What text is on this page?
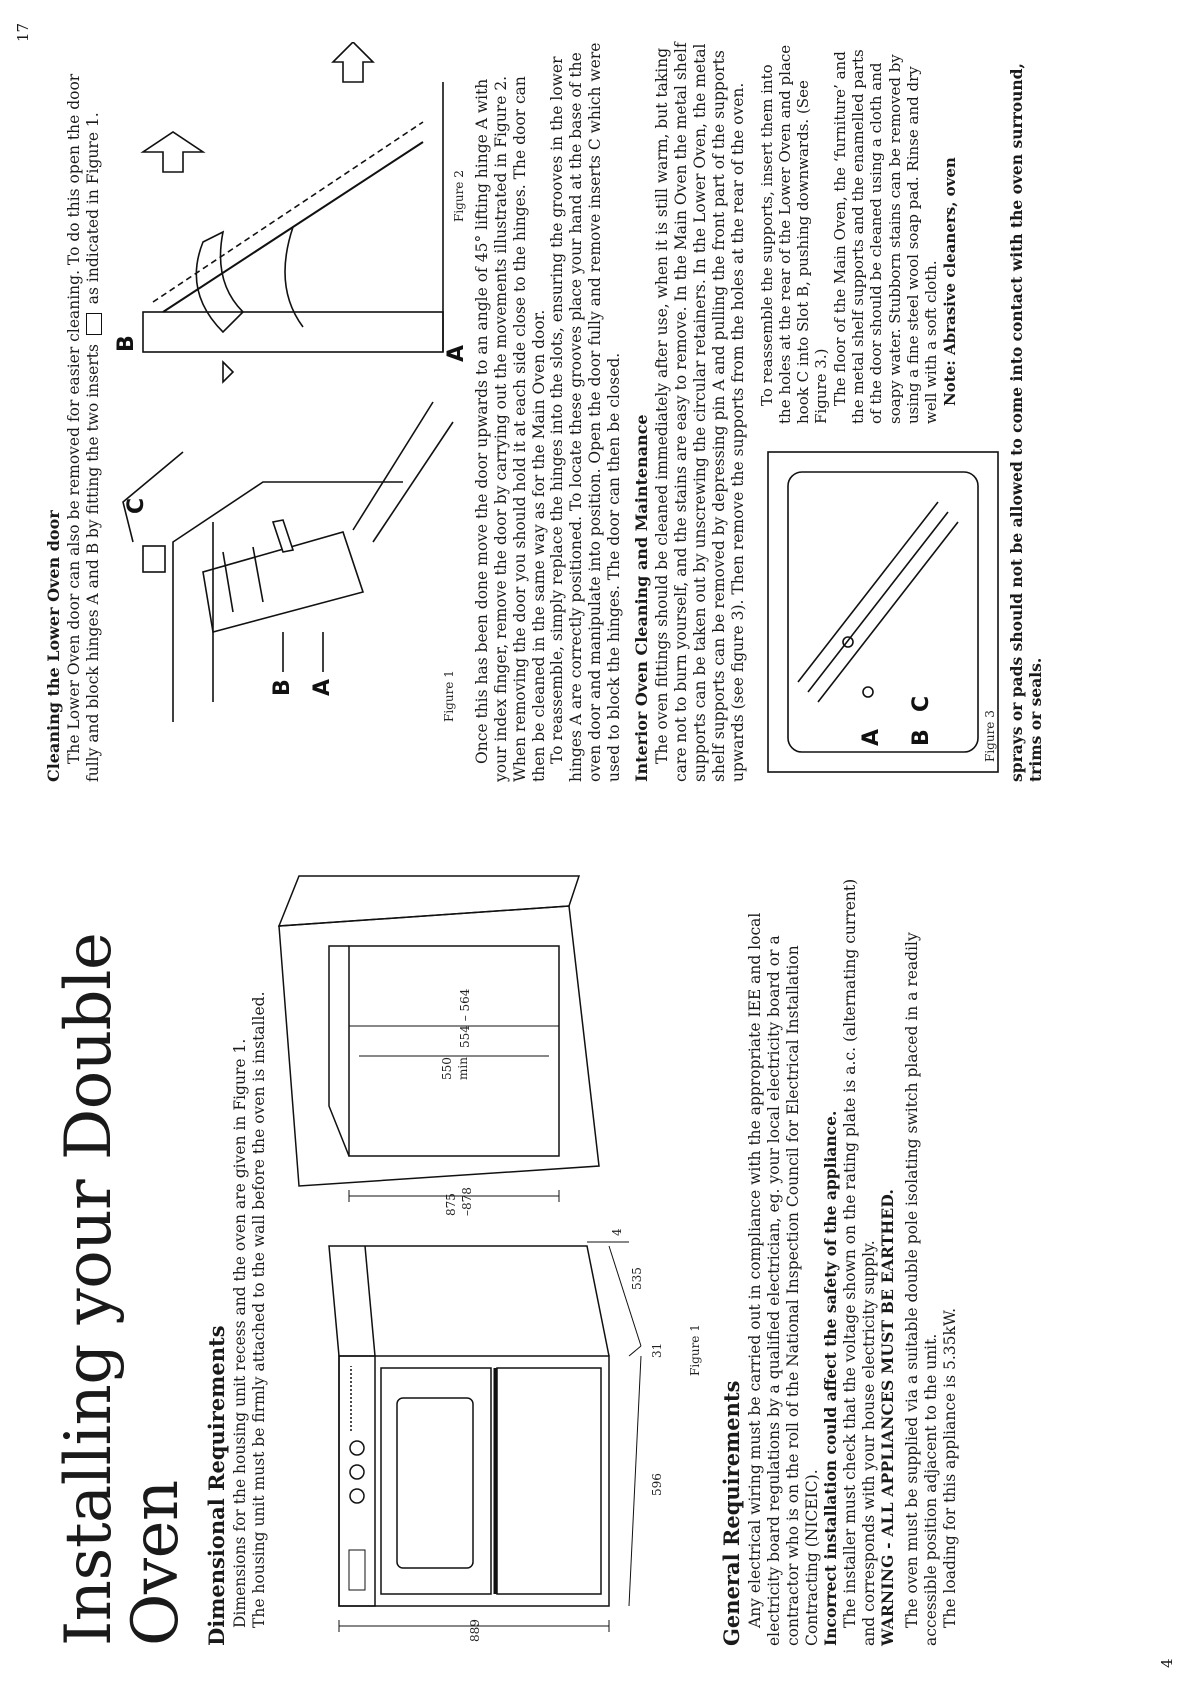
Installing your Double Oven Dimensional Requirements Dimensions for the housing unit recess and the oven are given in Figure 1. The housing unit must be firmly attached to the wall before the oven is installed.

889
596
31
535
4
875 –878
550 min
554 – 564
Figure 1
General Requirements Any electrical wiring must be carried out in compliance with the appropriate IEE and local electricity board regulations by a qualified electrician, eg. your local electricity board or a contractor who is on the roll of the National Inspection Council for Electrical Installation Contracting (NICEIC). Incorrect installation could affect the safety of the appliance. The installer must check that the voltage shown on the rating plate is a.c. (alternating current) and corresponds with your house electricity supply. WARNING - ALL APPLIANCES MUST BE EARTHED. The oven must be supplied via a suitable double pole isolating switch placed in a readily accessible position adjacent to the unit. The loading for this appliance is 5.35kW.

4
Cleaning the Lower Oven door The Lower Oven door can also be removed for easier cleaning. To do this open the door fully and block hinges A and B by fitting the two inserts  as indicated in Figure 1.

B A
C
Figure 1
B
A
Figure 2 Once this has been done move the door upwards to an angle of 45° lifting hinge A with your index finger, remove the door by carrying out the movements illustrated in Figure 2. When removing the door you should hold it at each side close to the hinges. The door can then be cleaned in the same way as for the Main Oven door. To reassemble, simply replace the hinges into the slots, ensuring the grooves in the lower hinges A are correctly positioned. To locate these grooves place your hand at the base of the oven door and manipulate into position. Open the door fully and remove inserts C which were used to block the hinges. The door can then be closed. Interior Oven Cleaning and Maintenance The oven fittings should be cleaned immediately after use, when it is still warm, but taking care not to burn yourself, and the stains are easy to remove. In the Main Oven the metal shelf supports can be taken out by unscrewing the circular retainers. In the Lower Oven, the metal shelf supports can be removed by depressing pin A and pulling the front part of the supports upwards (see figure 3). Then remove the supports from the holes at the rear of the oven.	A B
C
Figure 3

To reassemble the supports, insert them into the holes at the rear of the Lower Oven and place hook C into Slot B, pushing downwards. (See Figure 3.) The floor of the Main Oven, the ‘furniture’ and the metal shelf supports and the enamelled parts of the door should be cleaned using a cloth and soapy water. Stubborn stains can be removed by using a fine steel wool soap pad. Rinse and dry well with a soft cloth. Note: Abrasive cleaners, oven	sprays or pads should not be allowed to come into contact with the oven surround, trims or seals.

17
